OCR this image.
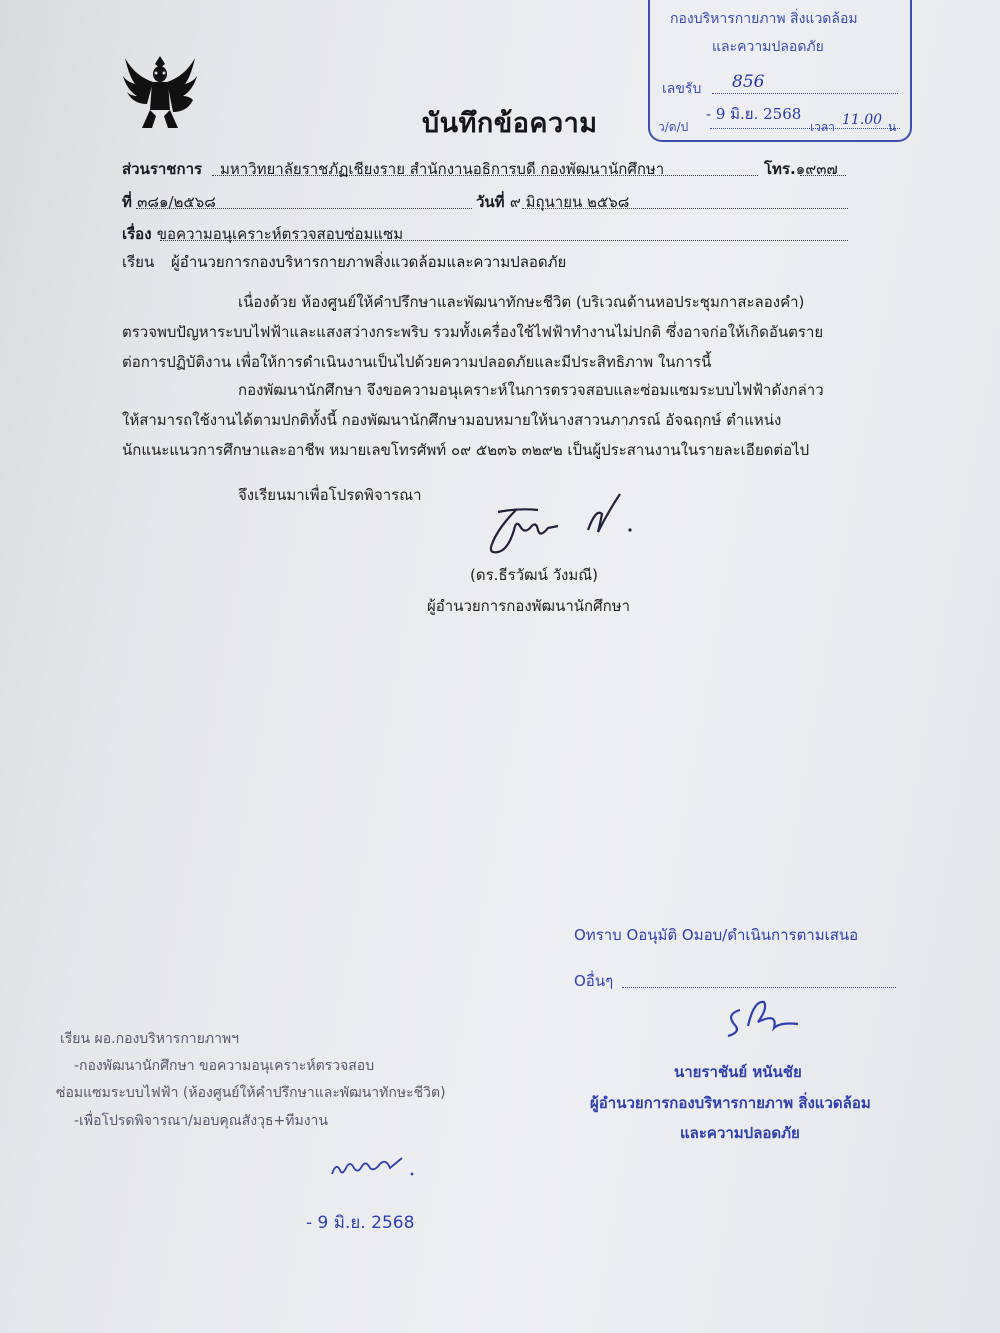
บันทึกข้อความ
กองบริหารกายภาพ สิ่งแวดล้อม
และความปลอดภัย
เลขรับ 856
ว/ด/ป
- 9 มิ.ย. 2568
เวลา 11.00 น
ส่วนราชการ มหาวิทยาลัยราชภัฏเชียงราย สำนักงานอธิการบดี กองพัฒนานักศึกษา	โทร.๑๙๓๗
ที่ ๓๘๑/๒๕๖๘	วันที่ ๙ มิถุนายน ๒๕๖๘
เรื่อง ขอความอนุเคราะห์ตรวจสอบซ่อมแซม
เรียน ผู้อำนวยการกองบริหารกายภาพสิ่งแวดล้อมและความปลอดภัย
เนื่องด้วย ห้องศูนย์ให้คำปรึกษาและพัฒนาทักษะชีวิต (บริเวณด้านหอประชุมกาสะลองคำ)
ตรวจพบปัญหาระบบไฟฟ้าและแสงสว่างกระพริบ รวมทั้งเครื่องใช้ไฟฟ้าทำงานไม่ปกติ ซึ่งอาจก่อให้เกิดอันตราย
ต่อการปฏิบัติงาน เพื่อให้การดำเนินงานเป็นไปด้วยความปลอดภัยและมีประสิทธิภาพ ในการนี้
กองพัฒนานักศึกษา จึงขอความอนุเคราะห์ในการตรวจสอบและซ่อมแซมระบบไฟฟ้าดังกล่าว
ให้สามารถใช้งานได้ตามปกติทั้งนี้ กองพัฒนานักศึกษามอบหมายให้นางสาวนภาภรณ์ อัจฉฤกษ์ ตำแหน่ง
นักแนะแนวการศึกษาและอาชีพ หมายเลขโทรศัพท์ ๐๙ ๕๒๓๖ ๓๒๙๒ เป็นผู้ประสานงานในรายละเอียดต่อไป
จึงเรียนมาเพื่อโปรดพิจารณา
(ดร.ธีรวัฒน์ วังมณี)
ผู้อำนวยการกองพัฒนานักศึกษา
Oทราบ Oอนุมัติ Oมอบ/ดำเนินการตามเสนอ
Oอื่นๆ
นายราชันย์ หนันชัย
ผู้อำนวยการกองบริหารกายภาพ สิ่งแวดล้อม
และความปลอดภัย
เรียน ผอ.กองบริหารกายภาพฯ
-กองพัฒนานักศึกษา ขอความอนุเคราะห์ตรวจสอบ
ซ่อมแซมระบบไฟฟ้า (ห้องศูนย์ให้คำปรึกษาและพัฒนาทักษะชีวิต)
-เพื่อโปรดพิจารณา/มอบคุณสังวุธ+ทีมงาน
- 9 มิ.ย. 2568
